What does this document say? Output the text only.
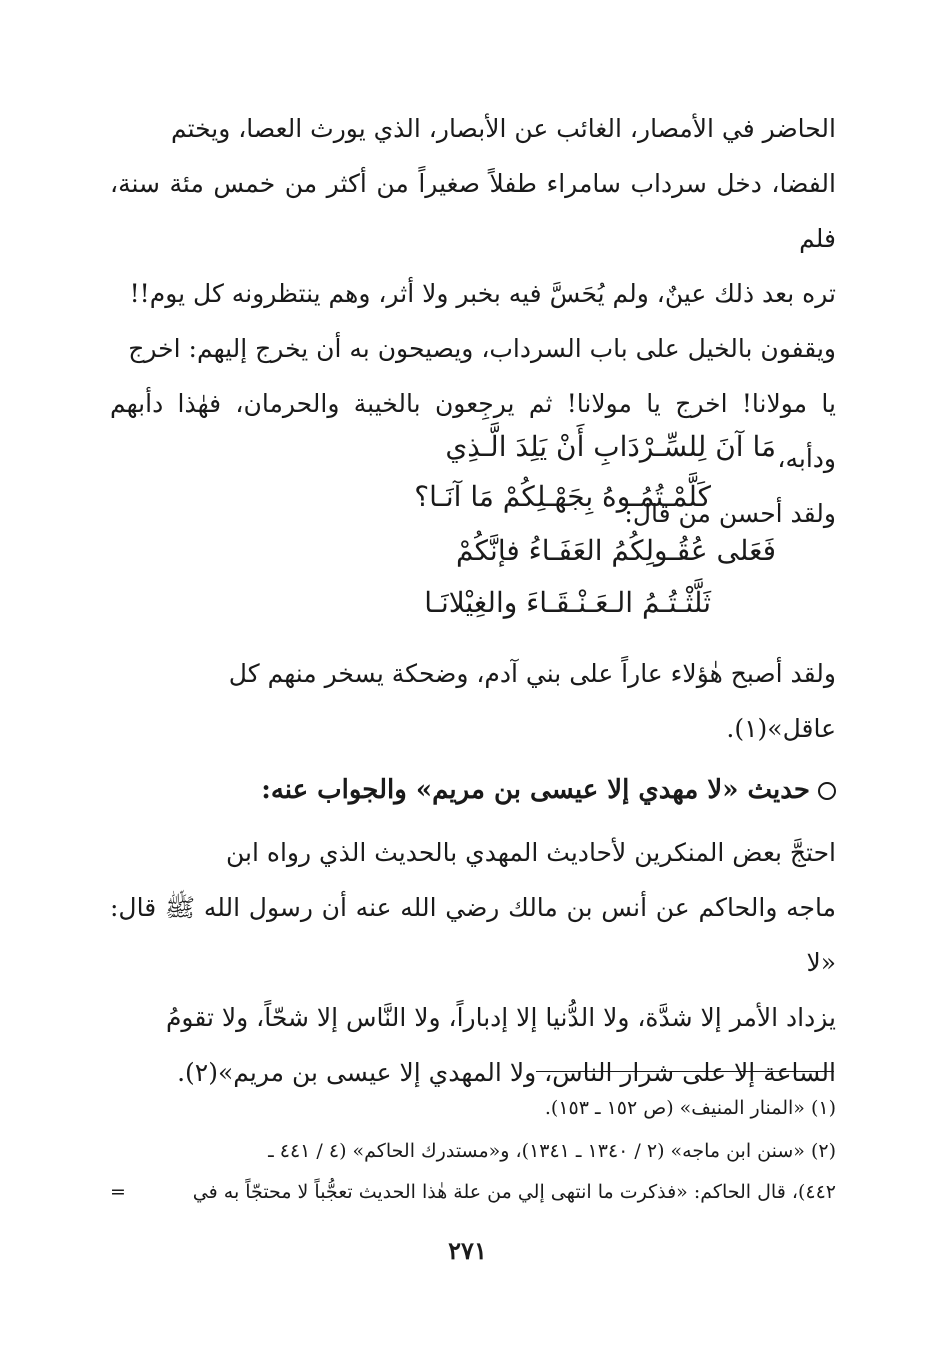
الحاضر في الأمصار، الغائب عن الأبصار، الذي يورث العصا، ويختم

الفضا، دخل سرداب سامراء طفلاً صغيراً من أكثر من خمس مئة سنة، فلم

تره بعد ذلك عينٌ، ولم يُحَسَّ فيه بخبر ولا أثر، وهم ينتظرونه كل يوم!!

ويقفون بالخيل على باب السرداب، ويصيحون به أن يخرج إليهم: اخرج

يا مولانا! اخرج يا مولانا! ثم يرجِعون بالخيبة والحرمان، فهٰذا دأبهم ودأبه،

ولقد أحسن من قال:

مَا آنَ لِلسِّـرْدَابِ أَنْ يَلِدَ الَّـذِي
كَلَّمْـتُمُـوهُ بِجَهْـلِكُمْ مَا آنَـا؟
فَعَلى عُقُـولِكُمُ العَفَـاءُ فإنَّكُمْ
ثَلَّثْـتُـمُ الـعَـنْـقَـاءَ والغِيْلانَـا

ولقد أصبح هٰؤلاء عاراً على بني آدم، وضحكة يسخر منهم كل

عاقل»(١).

حديث «لا مهدي إلا عيسى بن مريم» والجواب عنه:

احتجَّ بعض المنكرين لأحاديث المهدي بالحديث الذي رواه ابن

ماجه والحاكم عن أنس بن مالك رضي الله عنه أن رسول الله ﷺ قال: «لا

يزداد الأمر إلا شدَّة، ولا الدُّنيا إلا إدباراً، ولا النَّاس إلا شحّاً، ولا تقومُ

الساعة إلا على شرار الناس، ولا المهدي إلا عيسى بن مريم»(٢).

(١) «المنار المنيف» (ص ١٥٢ ـ ١٥٣).
(٢) «سنن ابن ماجه» (٢ / ١٣٤٠ ـ ١٣٤١)، و«مستدرك الحاكم» (٤ / ٤٤١ ـ
٤٤٢)، قال الحاكم: «فذكرت ما انتهى إلي من علة هٰذا الحديث تعجُّباً لا محتجّاً به في
=
٢٧١
